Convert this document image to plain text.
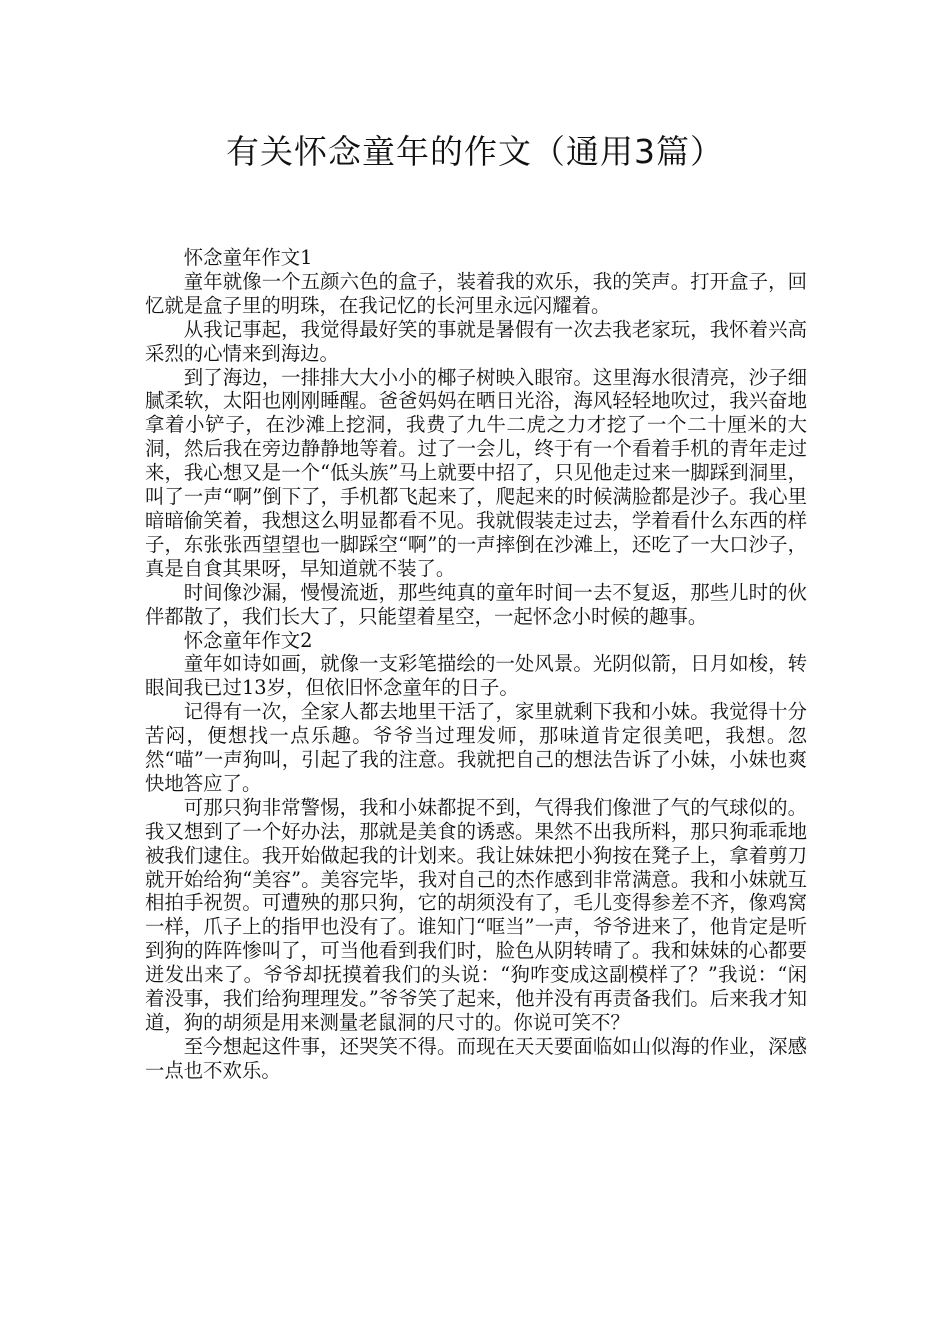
有关怀念童年的作文（通用3篇）

怀念童年作文1

童年就像一个五颜六色的盒子，装着我的欢乐，我的笑声。打开盒子，回忆就是盒子里的明珠，在我记忆的长河里永远闪耀着。

从我记事起，我觉得最好笑的事就是暑假有一次去我老家玩，我怀着兴高采烈的心情来到海边。

到了海边，一排排大大小小的椰子树映入眼帘。这里海水很清亮，沙子细腻柔软，太阳也刚刚睡醒。爸爸妈妈在晒日光浴，海风轻轻地吹过，我兴奋地拿着小铲子，在沙滩上挖洞，我费了九牛二虎之力才挖了一个二十厘米的大洞，然后我在旁边静静地等着。过了一会儿，终于有一个看着手机的青年走过来，我心想又是一个“低头族”马上就要中招了，只见他走过来一脚踩到洞里，叫了一声“啊”倒下了，手机都飞起来了，爬起来的时候满脸都是沙子。我心里暗暗偷笑着，我想这么明显都看不见。我就假装走过去，学着看什么东西的样子，东张张西望望也一脚踩空“啊”的一声摔倒在沙滩上，还吃了一大口沙子，真是自食其果呀，早知道就不装了。

时间像沙漏，慢慢流逝，那些纯真的童年时间一去不复返，那些儿时的伙伴都散了，我们长大了，只能望着星空，一起怀念小时候的趣事。

怀念童年作文2

童年如诗如画，就像一支彩笔描绘的一处风景。光阴似箭，日月如梭，转眼间我已过13岁，但依旧怀念童年的日子。

记得有一次，全家人都去地里干活了，家里就剩下我和小妹。我觉得十分苦闷，便想找一点乐趣。爷爷当过理发师，那味道肯定很美吧，我想。忽然“喵”一声狗叫，引起了我的注意。我就把自己的想法告诉了小妹，小妹也爽快地答应了。

可那只狗非常警惕，我和小妹都捉不到，气得我们像泄了气的气球似的。我又想到了一个好办法，那就是美食的诱惑。果然不出我所料，那只狗乖乖地被我们逮住。我开始做起我的计划来。我让妹妹把小狗按在凳子上，拿着剪刀就开始给狗“美容”。美容完毕，我对自己的杰作感到非常满意。我和小妹就互相拍手祝贺。可遭殃的那只狗，它的胡须没有了，毛儿变得参差不齐，像鸡窝一样，爪子上的指甲也没有了。谁知门“哐当”一声，爷爷进来了，他肯定是听到狗的阵阵惨叫了，可当他看到我们时，脸色从阴转晴了。我和妹妹的心都要迸发出来了。爷爷却抚摸着我们的头说：“狗咋变成这副模样了？”我说：“闲着没事，我们给狗理理发。”爷爷笑了起来，他并没有再责备我们。后来我才知道，狗的胡须是用来测量老鼠洞的尺寸的。你说可笑不？

至今想起这件事，还哭笑不得。而现在天天要面临如山似海的作业，深感一点也不欢乐。
